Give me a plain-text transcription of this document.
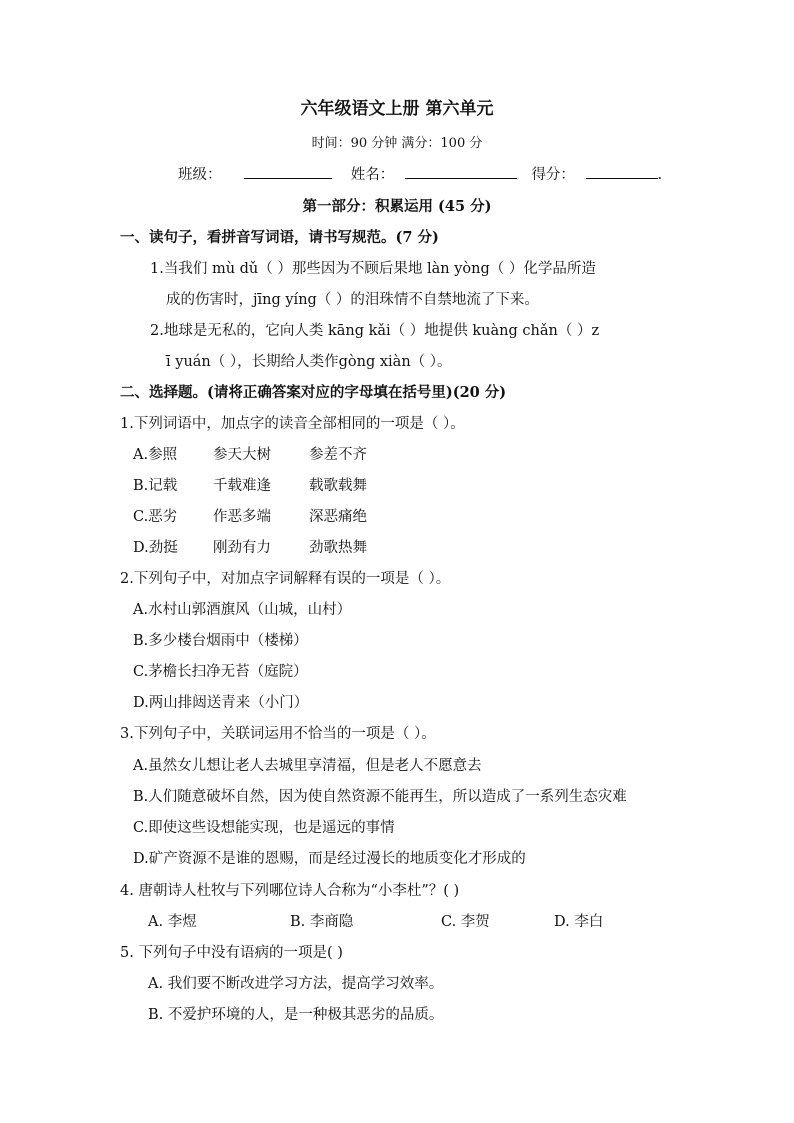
六年级语文上册 第六单元
时间：90 分钟 满分：100 分
班级：	姓名：	得分：	.
第一部分：积累运用 (45 分)
一、读句子，看拼音写词语，请书写规范。(7 分)
1.当我们 mù dǔ（ ）那些因为不顾后果地 làn yòng（ ）化学品所造
成的伤害时，jīng yíng（ ）的泪珠情不自禁地流了下来。
2.地球是无私的，它向人类 kāng kǎi（ ）地提供 kuàng chǎn（ ）z
ī yuán（ ），长期给人类作gòng xiàn（ ）。
二、选择题。(请将正确答案对应的字母填在括号里)(20 分)
1.下列词语中，加点字的读音全部相同的一项是（ ）。
A.参照 参天大树	参差不齐
B.记载 千载难逢	载歌载舞
C.恶劣 作恶多端	深恶痛绝
D.劲挺 刚劲有力	劲歌热舞
2.下列句子中，对加点字词解释有误的一项是（ ）。
A.水村山郭酒旗风（山城，山村）
B.多少楼台烟雨中（楼梯）
C.茅檐长扫净无苔（庭院）
D.两山排闼送青来（小门）
3.下列句子中，关联词运用不恰当的一项是（ ）。
A.虽然女儿想让老人去城里享清福，但是老人不愿意去
B.人们随意破坏自然，因为使自然资源不能再生，所以造成了一系列生态灾难
C.即使这些设想能实现，也是遥远的事情
D.矿产资源不是谁的恩赐，而是经过漫长的地质变化才形成的
4. 唐朝诗人杜牧与下列哪位诗人合称为“小李杜”？( )
A. 李煜	B. 李商隐	C. 李贺	D. 李白
5. 下列句子中没有语病的一项是( )
A. 我们要不断改进学习方法，提高学习效率。
B. 不爱护环境的人，是一种极其恶劣的品质。
